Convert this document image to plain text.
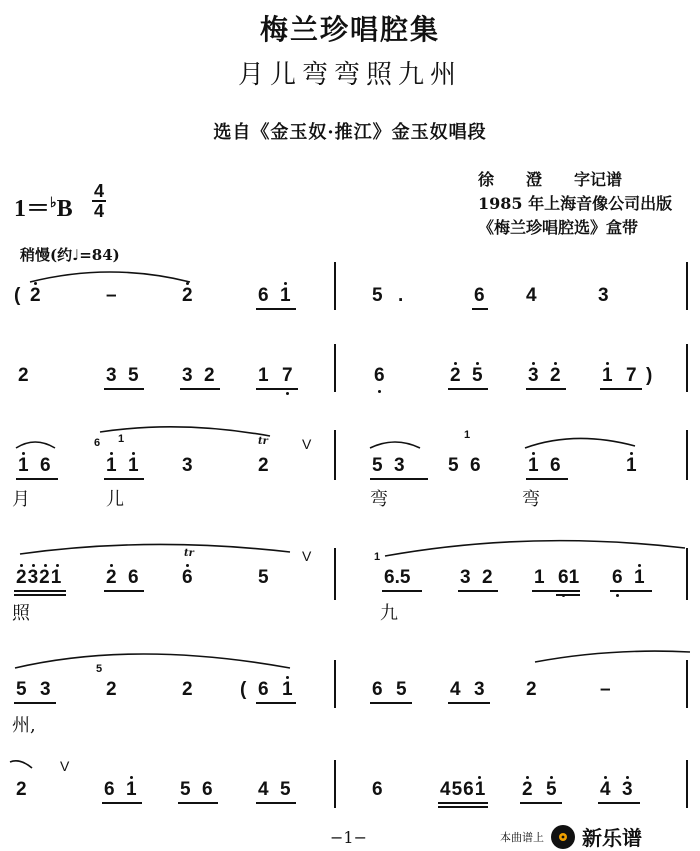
梅兰珍唱腔集
月儿弯弯照九州
选自《金玉奴·推江》金玉奴唱段
徐　　澄　　字记谱
1985 年上海音像公司出版
《梅兰珍唱腔选》盒带
$1=^♭B \frac{4}{4}$
稍慢(约♩=84)
( 2	–	2	6 1	5 .	6 4	3
2	3 5 3 2 1 7	6	2 5 3 2 1 7 )
1 6	1 1 3	2	5 3 5 6 1 6	1
6 1	1
tr V
月	儿	弯	弯
2321 2 6 6	5	6.5	3 2 1 61 6 1
1
tr	V
照	九
5 3	2	2 ( 6 1	6 5 4 3 2	–
5
州,
V
2	6 1 5 6 4 5	6	4561 2 5 4 3
−1−	本曲谱上 新乐谱
